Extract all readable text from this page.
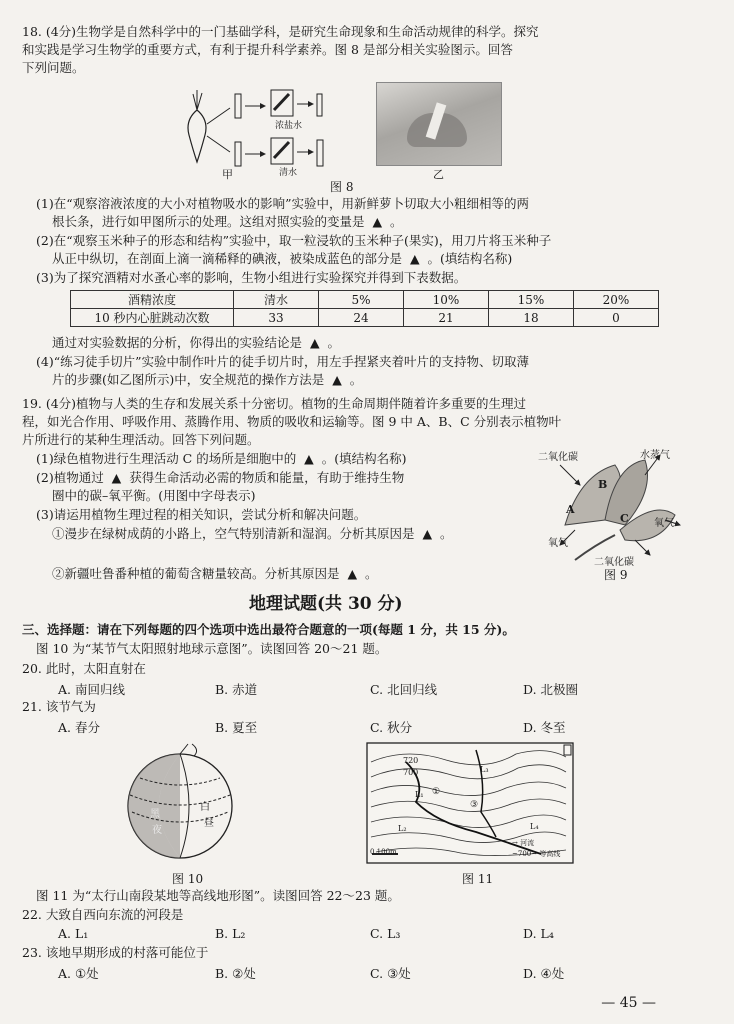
18. (4分)生物学是自然科学中的一门基础学科，是研究生命现象和生命活动规律的科学。探究
和实践是学习生物学的重要方式，有利于提升科学素养。图 8 是部分相关实验图示。回答
下列问题。
浓盐水
清水
甲	乙
图 8
(1)在“观察溶液浓度的大小对植物吸水的影响”实验中，用新鲜萝卜切取大小粗细相等的两
根长条，进行如甲图所示的处理。这组对照实验的变量是 ▲  。
(2)在“观察玉米种子的形态和结构”实验中，取一粒浸软的玉米种子(果实)，用刀片将玉米种子
从正中纵切，在剖面上滴一滴稀释的碘液，被染成蓝色的部分是 ▲ 。(填结构名称)
(3)为了探究酒精对水蚤心率的影响，生物小组进行实验探究并得到下表数据。
酒精浓度	清水	5%	10%	15%	20%
10 秒内心脏跳动次数	33	24	21	18	0
通过对实验数据的分析，你得出的实验结论是 ▲  。
(4)“练习徒手切片”实验中制作叶片的徒手切片时，用左手捏紧夹着叶片的支持物、切取薄
片的步骤(如乙图所示)中，安全规范的操作方法是 ▲  。
19. (4分)植物与人类的生存和发展关系十分密切。植物的生命周期伴随着许多重要的生理过
程，如光合作用、呼吸作用、蒸腾作用、物质的吸收和运输等。图 9 中 A、B、C 分别表示植物叶
片所进行的某种生理活动。回答下列问题。
(1)绿色植物进行生理活动 C 的场所是细胞中的 ▲ 。(填结构名称)
(2)植物通过 ▲ 获得生命活动必需的物质和能量，有助于维持生物
圈中的碳–氧平衡。(用图中字母表示)
(3)请运用植物生理过程的相关知识，尝试分析和解决问题。
①漫步在绿树成荫的小路上，空气特别清新和湿润。分析其原因是 ▲  。
②新疆吐鲁番种植的葡萄含糖量较高。分析其原因是 ▲  。
二氧化碳	水蒸气
氧气
氧气
二氧化碳
A
B
C
图 9
地理试题(共 30 分)
三、选择题：请在下列每题的四个选项中选出最符合题意的一项(每题 1 分，共 15 分)。
图 10 为“某节气太阳照射地球示意图”。读图回答 20～21 题。
20. 此时，太阳直射在
A. 南回归线	B. 赤道	C. 北回归线	D. 北极圈
21. 该节气为
A. 春分	B. 夏至	C. 秋分	D. 冬至
白
昼
黑
夜
图 10
720
700
0 100m
→ 河流
~700~ 等高线
①
③
L₁
L₂
L₃
L₄
图 11
图 11 为“太行山南段某地等高线地形图”。读图回答 22～23 题。
22. 大致自西向东流的河段是
A. L₁	B. L₂	C. L₃	D. L₄
23. 该地早期形成的村落可能位于
A. ①处	B. ②处	C. ③处	D. ④处
— 45 —
